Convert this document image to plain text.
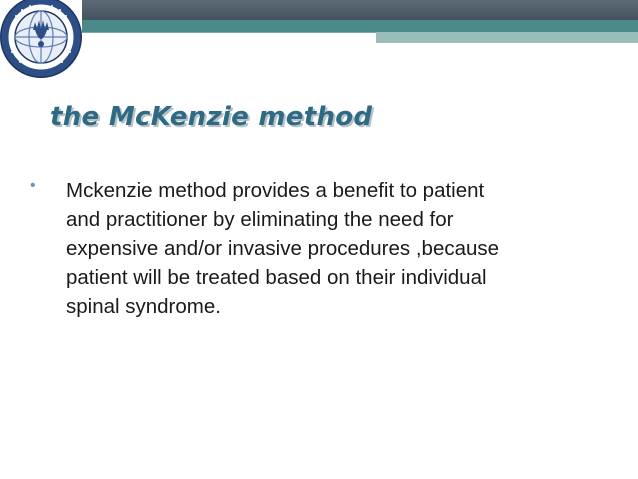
the McKenzie method
• Mckenzie method provides a benefit to patient
and practitioner by eliminating the need for
expensive and/or invasive procedures ,because
patient will be treated based on their individual
spinal syndrome.
